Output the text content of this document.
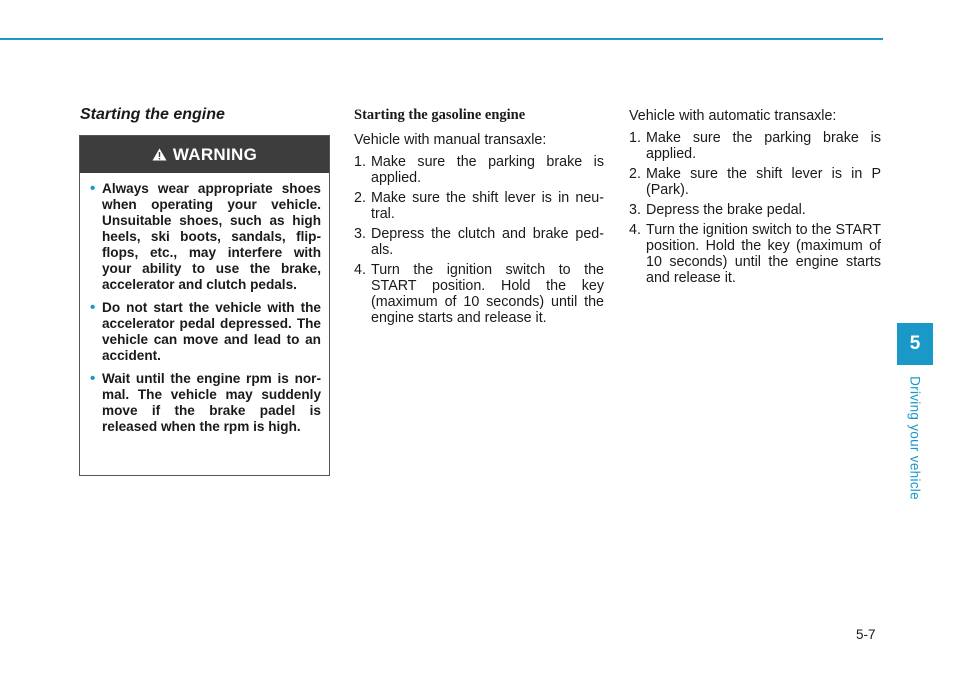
Starting the engine
WARNING
• Always wear appropriate shoes when operating your vehicle. Unsuitable shoes, such as high heels, ski boots, sandals, flip-flops, etc., may interfere with your ability to use the brake, accelerator and clutch pedals.
• Do not start the vehicle with the accelerator pedal depressed. The vehicle can move and lead to an accident.
• Wait until the engine rpm is nor-mal. The vehicle may suddenly move if the brake padel is released when the rpm is high.
Starting the gasoline engine

Vehicle with manual transaxle:

1. Make sure the parking brake is applied.
2. Make sure the shift lever is in neu-tral.
3. Depress the clutch and brake ped-als.
4. Turn the ignition switch to the START position. Hold the key (maximum of 10 seconds) until the engine starts and release it.

Vehicle with automatic transaxle:

1. Make sure the parking brake is applied.
2. Make sure the shift lever is in P (Park).
3. Depress the brake pedal.
4. Turn the ignition switch to the START position. Hold the key (maximum of 10 seconds) until the engine starts and release it.
5
Driving your vehicle
5-7
